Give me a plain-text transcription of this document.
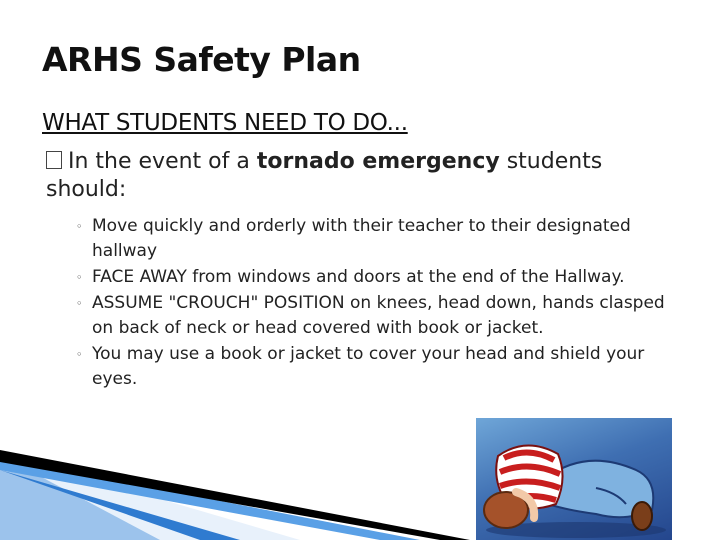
ARHS Safety Plan
WHAT STUDENTS NEED TO DO...
In the event of a tornado emergency students
should:
◦ Move quickly and orderly with their teacher to their designated hallway
◦ FACE AWAY from windows and doors at the end of the Hallway.
◦ ASSUME "CROUCH" POSITION on knees, head down, hands clasped on back of neck or head covered with book or jacket.
◦ You may use a book or jacket to cover your head and shield your eyes.
